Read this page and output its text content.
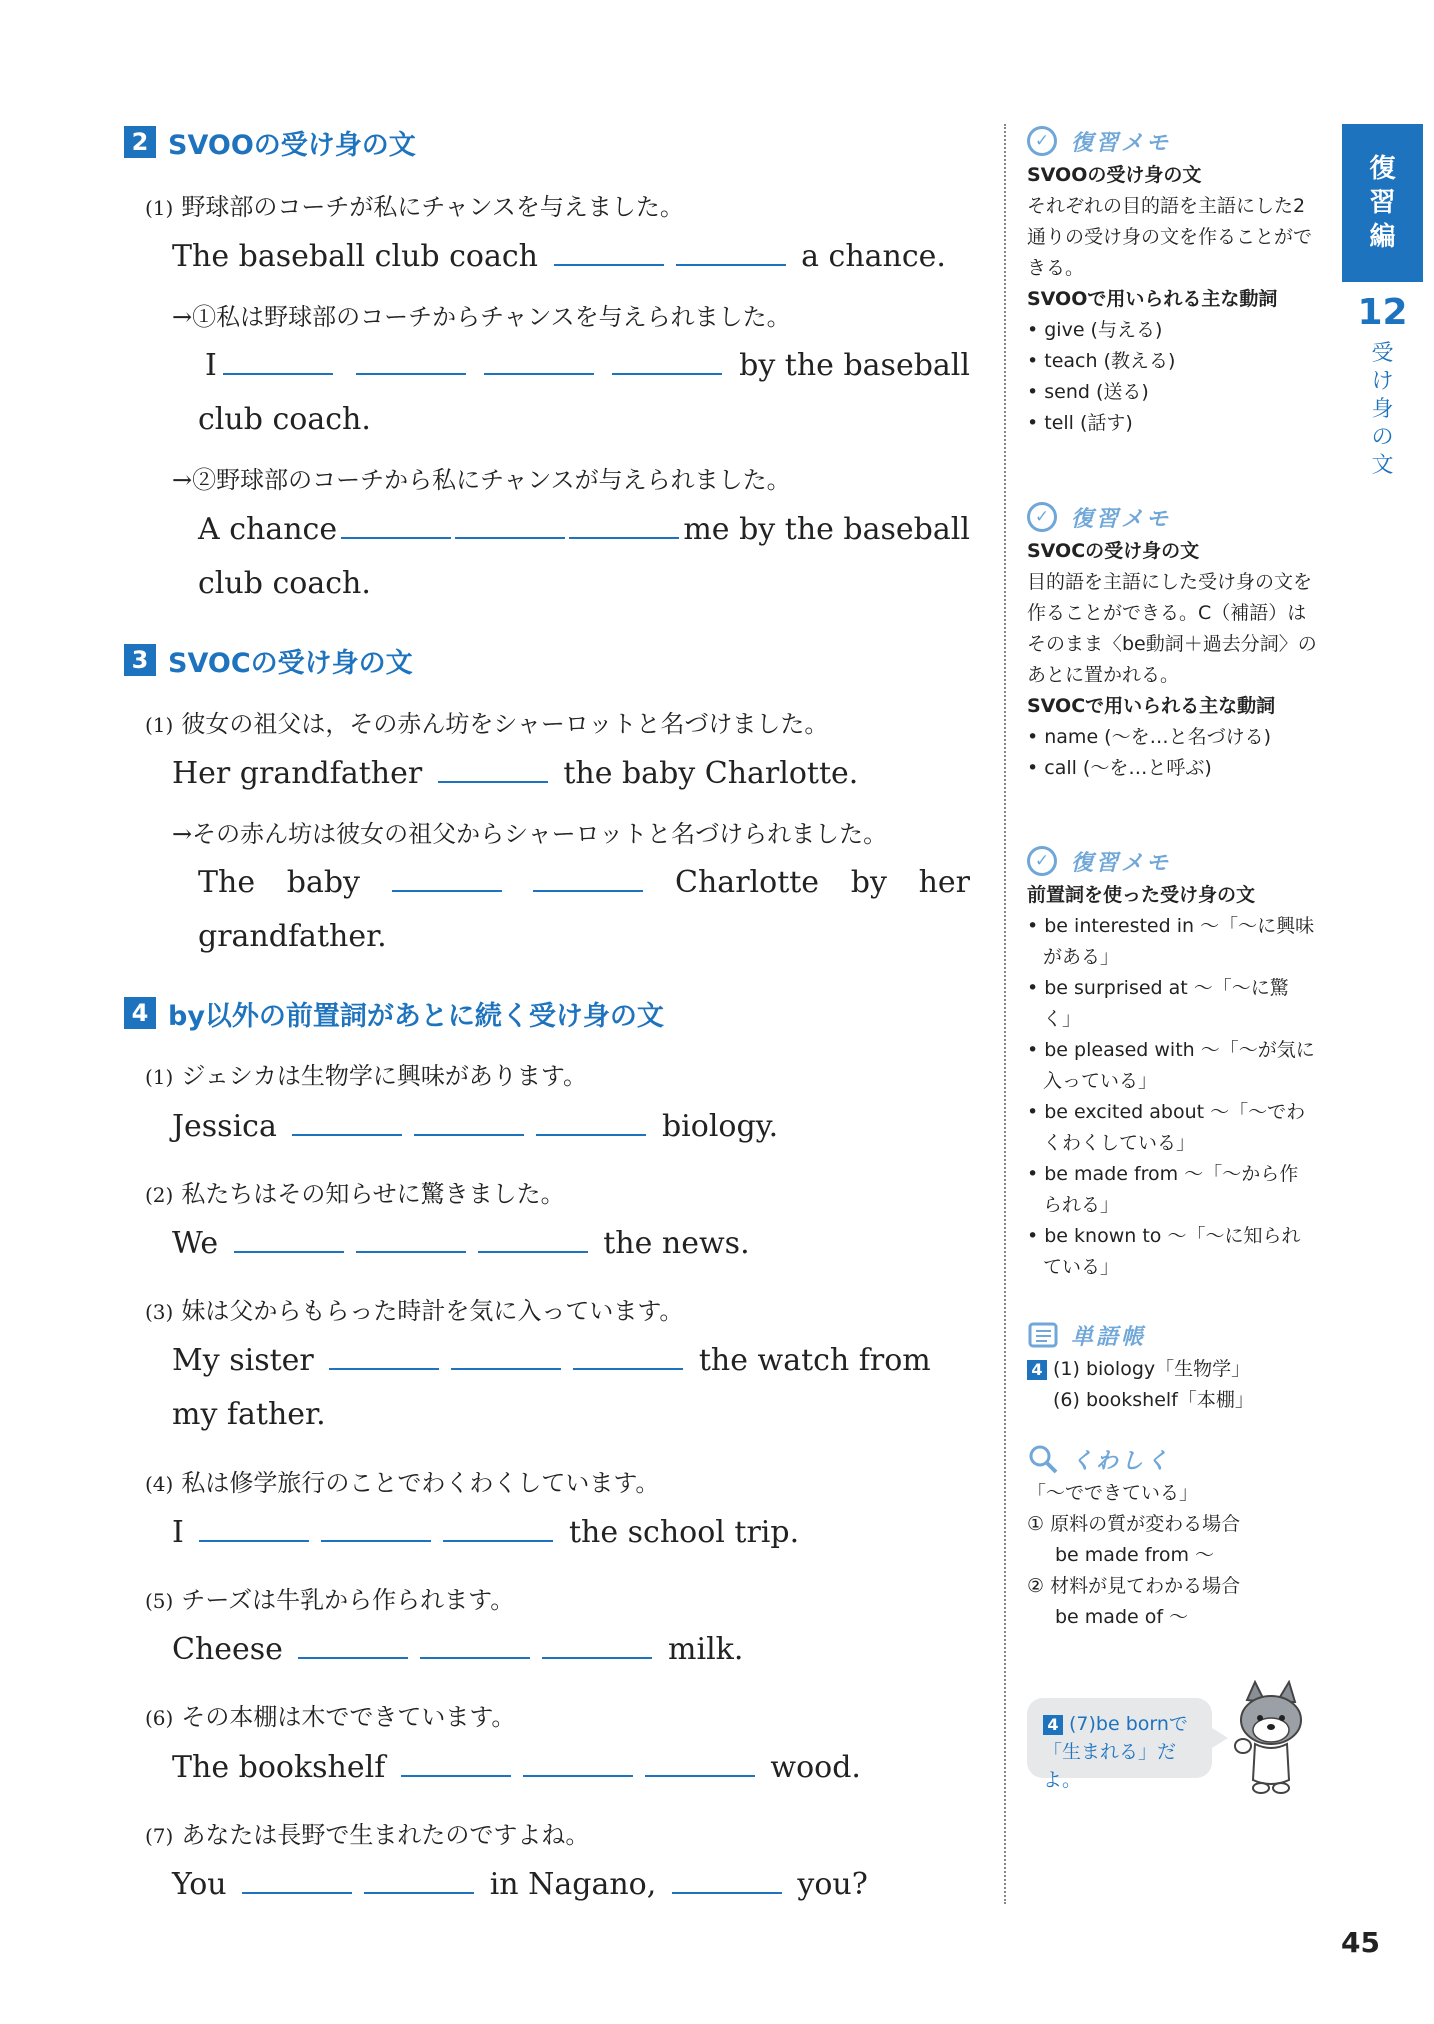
2 SVOOの受け身の文
(1) 野球部のコーチが私にチャンスを与えました。
The baseball club coach	a chance.
→①私は野球部のコーチからチャンスを与えられました。
I	by the baseball
club coach.
→②野球部のコーチから私にチャンスが与えられました。
A chance	me by the baseball
club coach.
3 SVOCの受け身の文
(1) 彼女の祖父は，その赤ん坊をシャーロットと名づけました。
Her grandfather	the baby Charlotte.
→その赤ん坊は彼女の祖父からシャーロットと名づけられました。
The baby	Charlotte by her
grandfather.
4 by以外の前置詞があとに続く受け身の文
(1) ジェシカは生物学に興味があります。
Jessica	biology.
(2) 私たちはその知らせに驚きました。
We	the news.
(3) 妹は父からもらった時計を気に入っています。
My sister	the watch from
my father.
(4) 私は修学旅行のことでわくわくしています。
I	the school trip.
(5) チーズは牛乳から作られます。
Cheese	milk.
(6) その本棚は木でできています。
The bookshelf	wood.
(7) あなたは長野で生まれたのですよね。
You	in Nagano,	you?
✓ 復習メモ
SVOOの受け身の文
それぞれの目的語を主語にした2通りの受け身の文を作ることができる。
SVOOで用いられる主な動詞
• give (与える)
• teach (教える)
• send (送る)
• tell (話す)
✓ 復習メモ
SVOCの受け身の文
目的語を主語にした受け身の文を作ることができる。C（補語）はそのまま〈be動詞＋過去分詞〉のあとに置かれる。
SVOCで用いられる主な動詞
• name (～を…と名づける)
• call (～を…と呼ぶ)
✓ 復習メモ
前置詞を使った受け身の文
• be interested in ～「～に興味がある」
• be surprised at ～「～に驚く」
• be pleased with ～「～が気に入っている」
• be excited about ～「～でわくわくしている」
• be made from ～「～から作られる」
• be known to ～「～に知られている」
単語帳
4 (1) biology「生物学」
(6) bookshelf「本棚」
くわしく
「～でできている」
① 原料の質が変わる場合
be made from ～
② 材料が見てわかる場合
be made of ～
4 (7)be bornで
「生まれる」だよ。
復
習
編
12
受
け
身
の
文
45
